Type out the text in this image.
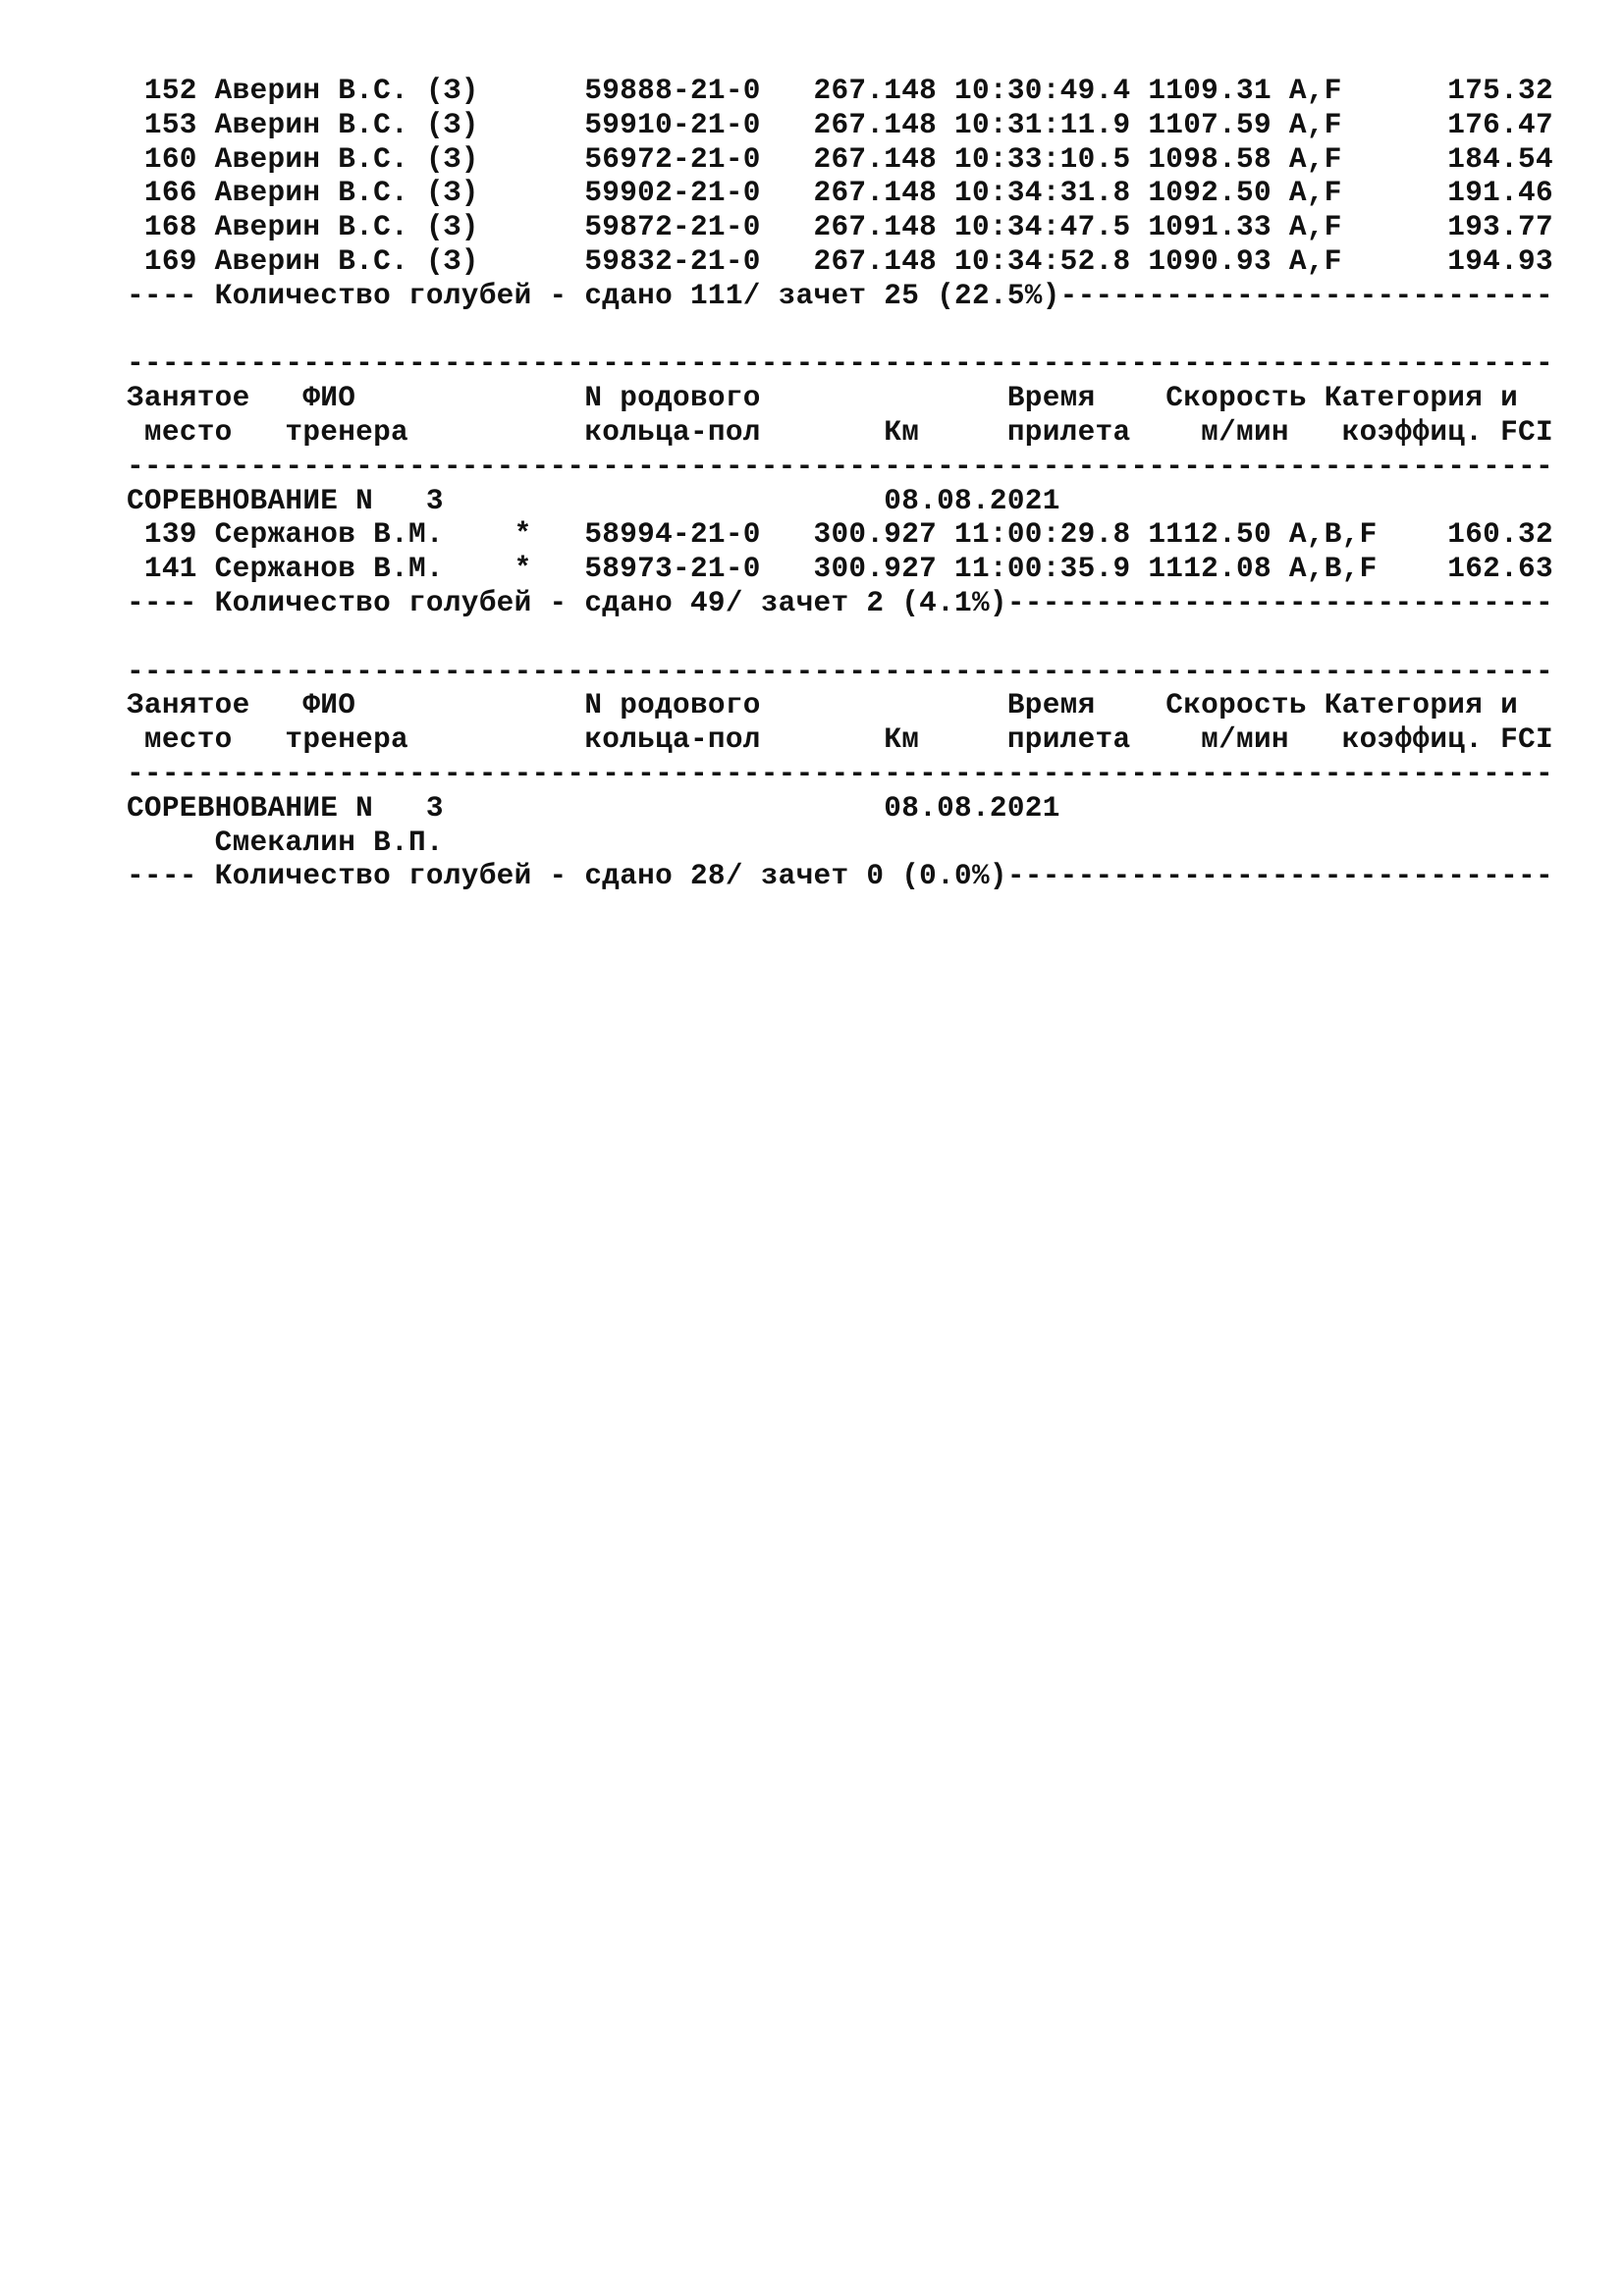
152 Аверин В.С. (З)      59888-21-0   267.148 10:30:49.4 1109.31 A,F      175.32
153 Аверин В.С. (З)      59910-21-0   267.148 10:31:11.9 1107.59 A,F      176.47
160 Аверин В.С. (З)      56972-21-0   267.148 10:33:10.5 1098.58 A,F      184.54
166 Аверин В.С. (З)      59902-21-0   267.148 10:34:31.8 1092.50 A,F      191.46
168 Аверин В.С. (З)      59872-21-0   267.148 10:34:47.5 1091.33 A,F      193.77
169 Аверин В.С. (З)      59832-21-0   267.148 10:34:52.8 1090.93 A,F      194.93
---- Количество голубей - сдано 111/ зачет 25 (22.5%)----------------------------
---------------------------------------------------------------------------------
Занятое   ФИО             N родового              Время    Скорость Категория и
место   тренера          кольца-пол       Км     прилета    м/мин   коэффиц. FCI
---------------------------------------------------------------------------------
СОРЕВНОВАНИЕ N   3                         08.08.2021
139 Сержанов В.М.    *   58994-21-0   300.927 11:00:29.8 1112.50 A,B,F    160.32
141 Сержанов В.М.    *   58973-21-0   300.927 11:00:35.9 1112.08 A,B,F    162.63
---- Количество голубей - сдано 49/ зачет 2 (4.1%)-------------------------------
---------------------------------------------------------------------------------
Занятое   ФИО             N родового              Время    Скорость Категория и
место   тренера          кольца-пол       Км     прилета    м/мин   коэффиц. FCI
---------------------------------------------------------------------------------
СОРЕВНОВАНИЕ N   3                         08.08.2021
Смекалин В.П.
---- Количество голубей - сдано 28/ зачет 0 (0.0%)-------------------------------
